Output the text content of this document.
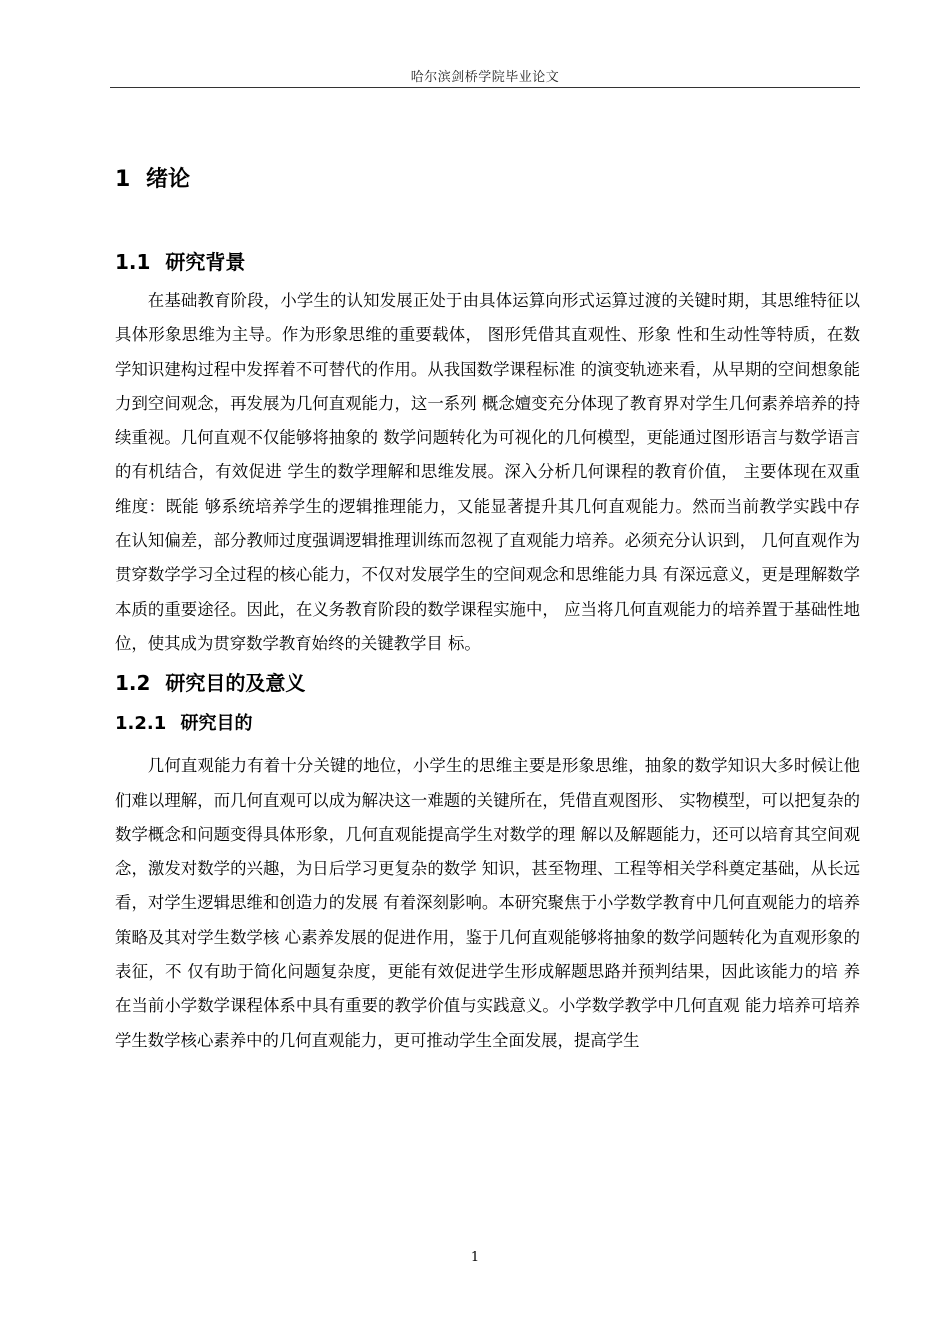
哈尔滨剑桥学院毕业论文
1 绪论
1.1 研究背景

在基础教育阶段，小学生的认知发展正处于由具体运算向形式运算过渡的关键时期，其思维特征以具体形象思维为主导。作为形象思维的重要载体， 图形凭借其直观性、形象 性和生动性等特质，在数学知识建构过程中发挥着不可替代的作用。从我国数学课程标准 的演变轨迹来看，从早期的空间想象能力到空间观念，再发展为几何直观能力，这一系列 概念嬗变充分体现了教育界对学生几何素养培养的持续重视。几何直观不仅能够将抽象的 数学问题转化为可视化的几何模型，更能通过图形语言与数学语言的有机结合，有效促进 学生的数学理解和思维发展。深入分析几何课程的教育价值， 主要体现在双重维度：既能 够系统培养学生的逻辑推理能力，又能显著提升其几何直观能力。然而当前教学实践中存 在认知偏差，部分教师过度强调逻辑推理训练而忽视了直观能力培养。必须充分认识到， 几何直观作为贯穿数学学习全过程的核心能力，不仅对发展学生的空间观念和思维能力具 有深远意义，更是理解数学本质的重要途径。因此，在义务教育阶段的数学课程实施中， 应当将几何直观能力的培养置于基础性地位，使其成为贯穿数学教育始终的关键教学目 标。

1.2 研究目的及意义
1.2.1 研究目的

几何直观能力有着十分关键的地位，小学生的思维主要是形象思维，抽象的数学知识大多时候让他们难以理解，而几何直观可以成为解决这一难题的关键所在，凭借直观图形、 实物模型，可以把复杂的数学概念和问题变得具体形象，几何直观能提高学生对数学的理 解以及解题能力，还可以培育其空间观念，激发对数学的兴趣，为日后学习更复杂的数学 知识，甚至物理、工程等相关学科奠定基础，从长远看，对学生逻辑思维和创造力的发展 有着深刻影响。本研究聚焦于小学数学教育中几何直观能力的培养策略及其对学生数学核 心素养发展的促进作用，鉴于几何直观能够将抽象的数学问题转化为直观形象的表征，不 仅有助于简化问题复杂度，更能有效促进学生形成解题思路并预判结果，因此该能力的培 养在当前小学数学课程体系中具有重要的教学价值与实践意义。小学数学教学中几何直观 能力培养可培养学生数学核心素养中的几何直观能力，更可推动学生全面发展，提高学生

1
